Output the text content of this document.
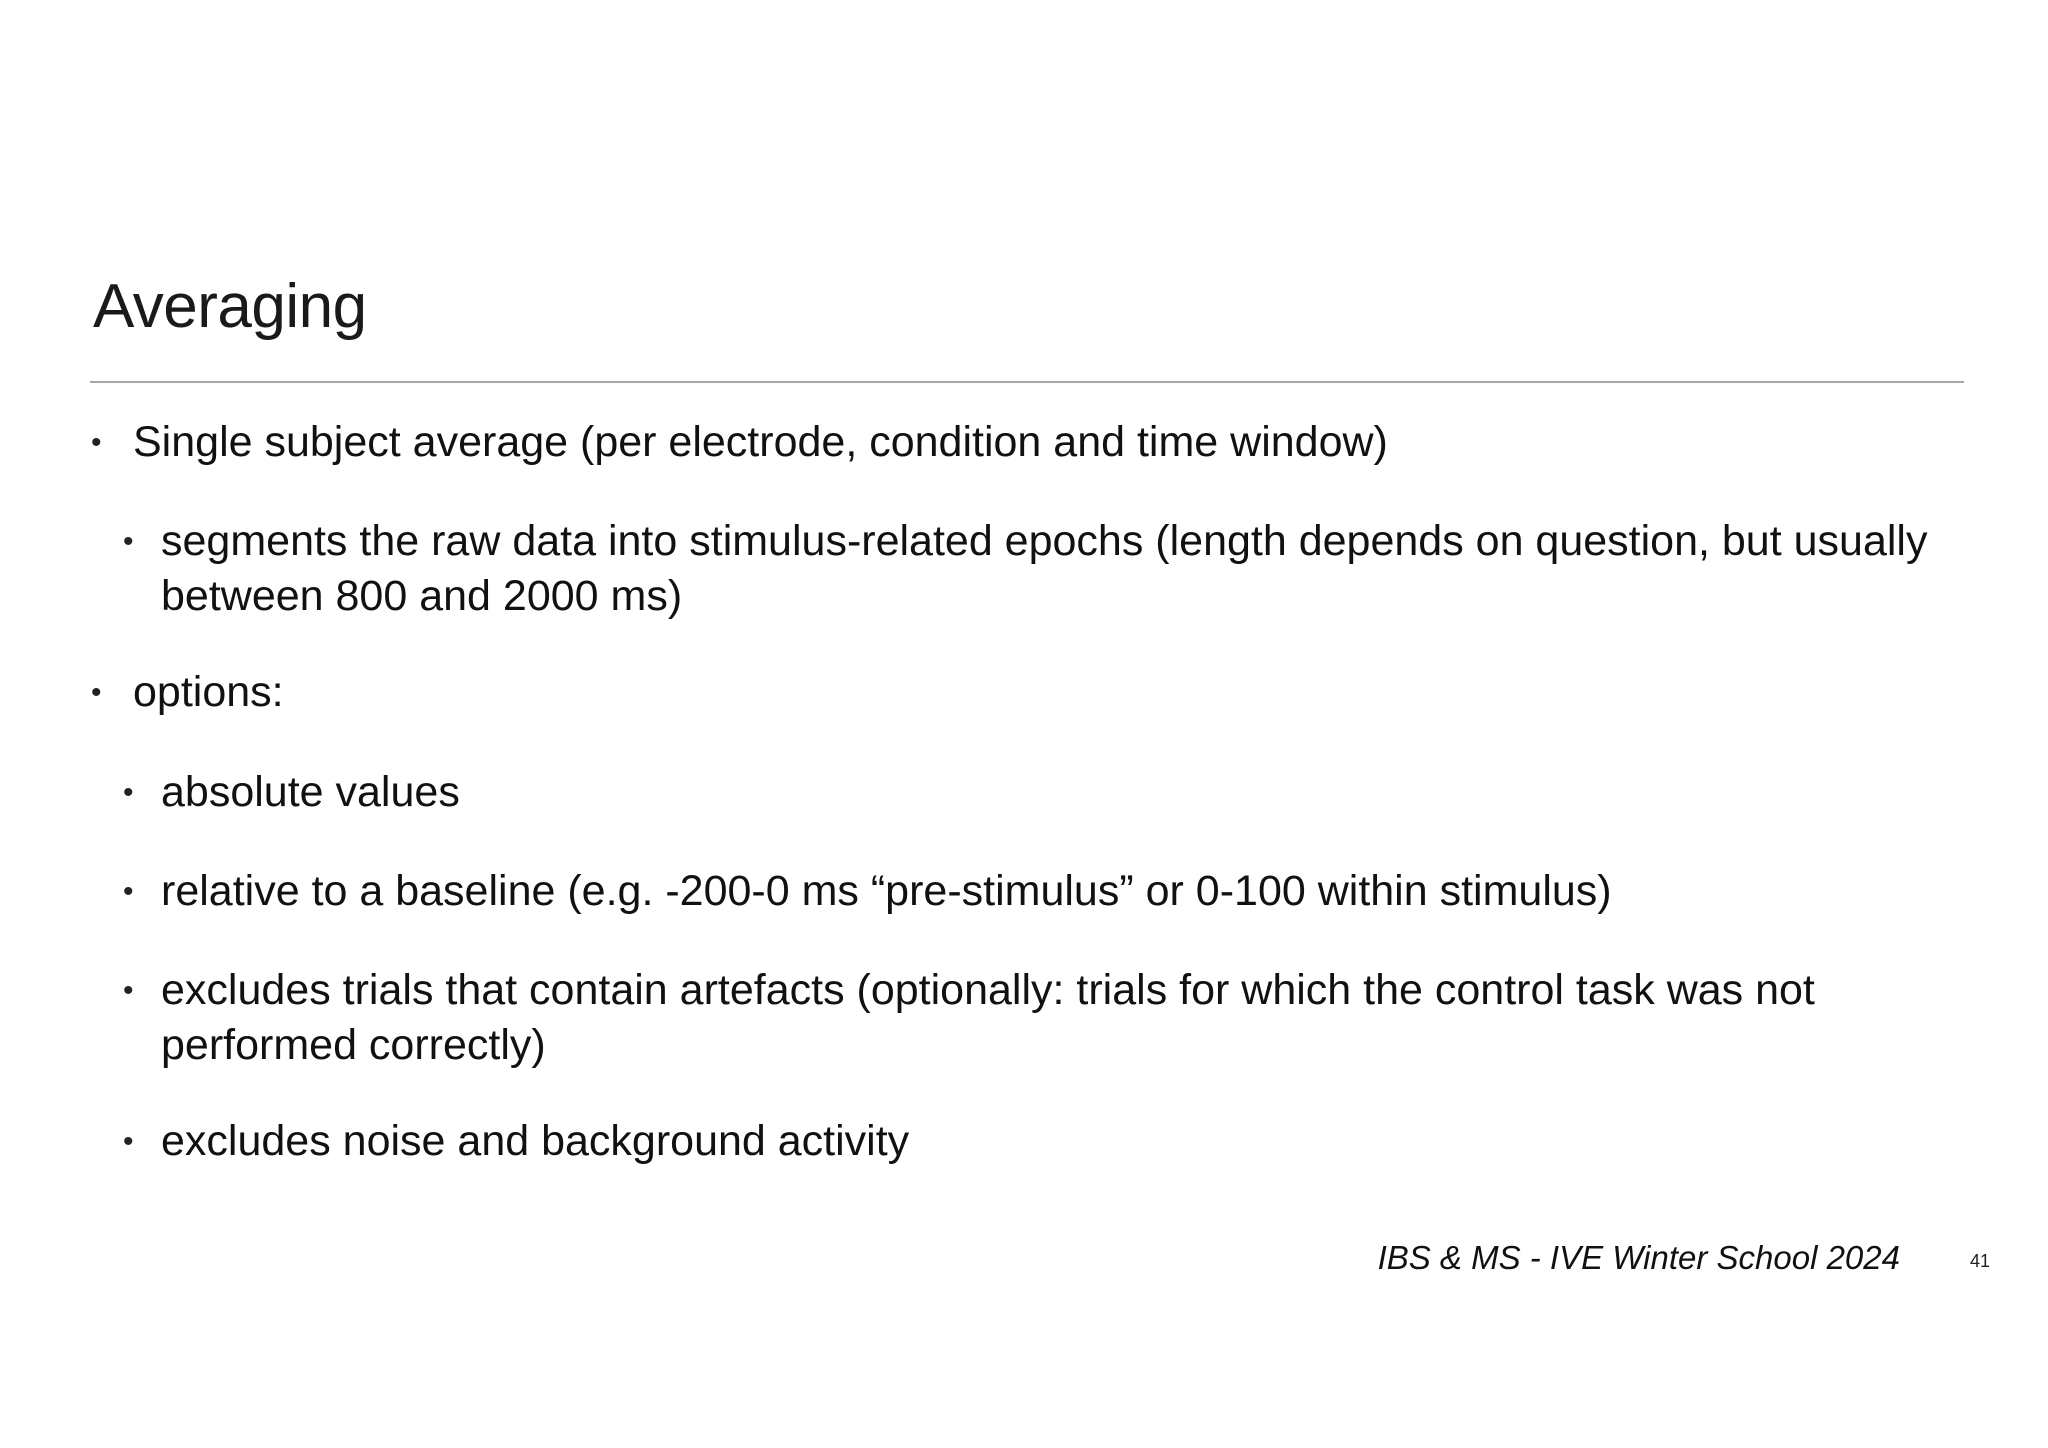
Averaging
• Single subject average (per electrode, condition and time window)
• segments the raw data into stimulus-related epochs (length depends on question, but usually between 800 and 2000 ms)
• options:
• absolute values
• relative to a baseline (e.g. -200-0 ms “pre-stimulus” or 0-100 within stimulus)
• excludes trials that contain artefacts (optionally: trials for which the control task was not performed correctly)
• excludes noise and background activity
IBS & MS - IVE Winter School 2024	41
